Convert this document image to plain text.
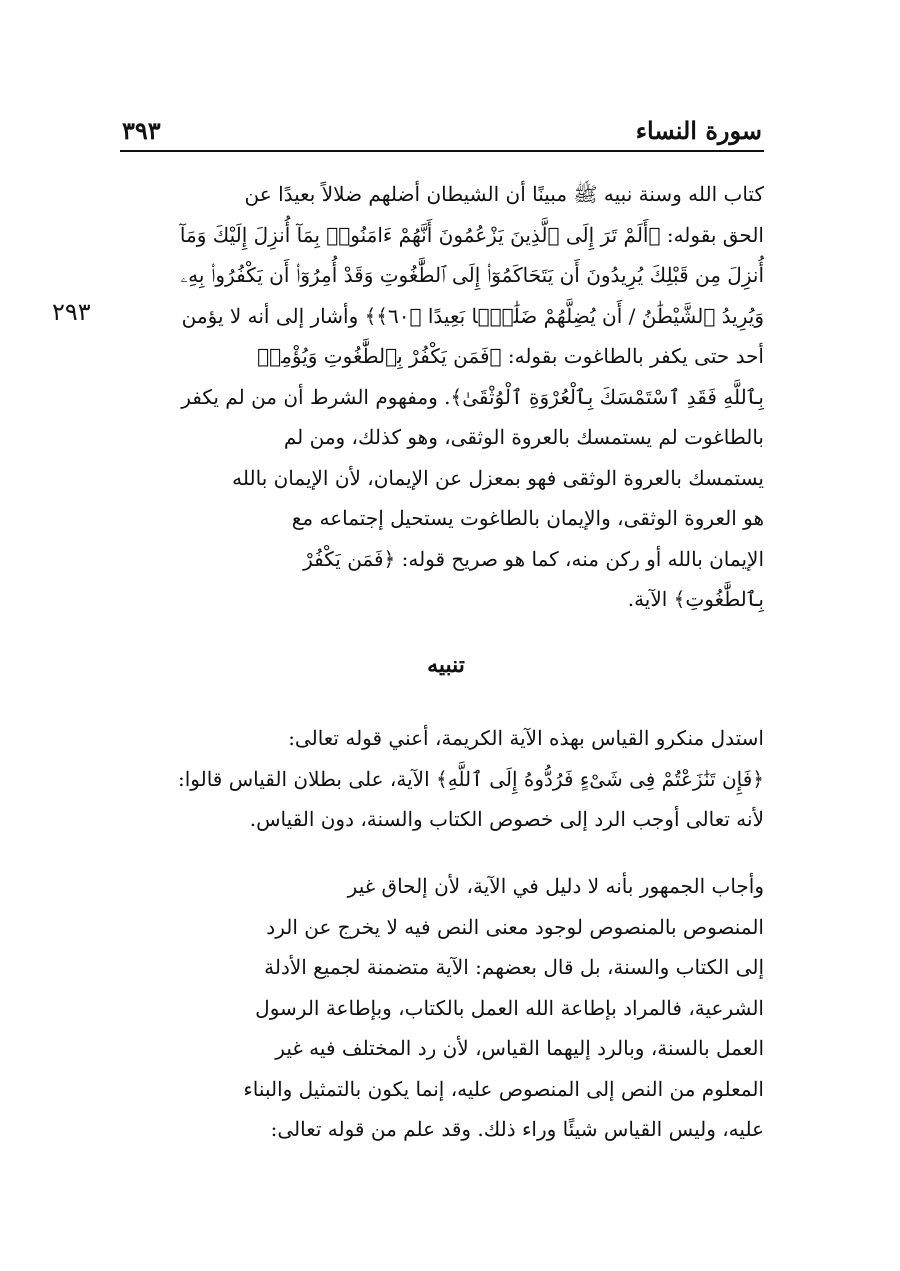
٣٩٣	سورة النساء
٢٩٣
كتاب الله وسنة نبيه ﷺ مبينًا أن الشيطان أضلهم ضلالاً بعيدًا عن
الحق بقوله: ﴿أَلَمْ تَرَ إِلَى ٱلَّذِينَ يَزْعُمُونَ أَنَّهُمْ ءَامَنُوا۟ بِمَآ أُنزِلَ إِلَيْكَ وَمَآ
أُنزِلَ مِن قَبْلِكَ يُرِيدُونَ أَن يَتَحَاكَمُوٓا۟ إِلَى ٱلطَّٰغُوتِ وَقَدْ أُمِرُوٓا۟ أَن يَكْفُرُوا۟ بِهِۦ
وَيُرِيدُ ٱلشَّيْطَٰنُ / أَن يُضِلَّهُمْ ضَلَٰلًۢا بَعِيدًا ﴿٦٠﴾﴾ وأشار إلى أنه لا يؤمن
أحد حتى يكفر بالطاغوت بقوله: ﴿فَمَن يَكْفُرْ بِٱلطَّٰغُوتِ وَيُؤْمِنۢ
بِٱللَّهِ فَقَدِ ٱسْتَمْسَكَ بِٱلْعُرْوَةِ ٱلْوُثْقَىٰ﴾. ومفهوم الشرط أن من لم يكفر
بالطاغوت لم يستمسك بالعروة الوثقى، وهو كذلك، ومن لم
يستمسك بالعروة الوثقى فهو بمعزل عن الإيمان، لأن الإيمان بالله
هو العروة الوثقى، والإيمان بالطاغوت يستحيل إجتماعه مع
الإيمان بالله أو ركن منه، كما هو صريح قوله: ﴿فَمَن يَكْفُرْ
بِٱلطَّٰغُوتِ﴾ الآية.
تنبيه
استدل منكرو القياس بهذه الآية الكريمة، أعني قوله تعالى:
﴿فَإِن تَنَٰزَعْتُمْ فِى شَىْءٍ فَرُدُّوهُ إِلَى ٱللَّهِ﴾ الآية، على بطلان القياس قالوا:
لأنه تعالى أوجب الرد إلى خصوص الكتاب والسنة، دون القياس.
وأجاب الجمهور بأنه لا دليل في الآية، لأن إلحاق غير
المنصوص بالمنصوص لوجود معنى النص فيه لا يخرج عن الرد
إلى الكتاب والسنة، بل قال بعضهم: الآية متضمنة لجميع الأدلة
الشرعية، فالمراد بإطاعة الله العمل بالكتاب، وبإطاعة الرسول
العمل بالسنة، وبالرد إليهما القياس، لأن رد المختلف فيه غير
المعلوم من النص إلى المنصوص عليه، إنما يكون بالتمثيل والبناء
عليه، وليس القياس شيئًا وراء ذلك. وقد علم من قوله تعالى:
